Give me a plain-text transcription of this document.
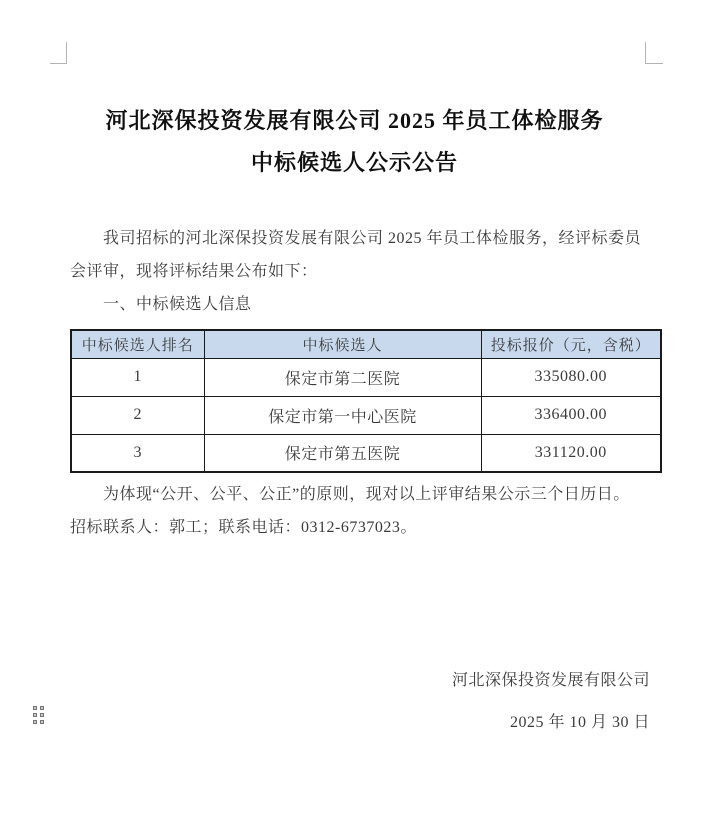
河北深保投资发展有限公司 2025 年员工体检服务
中标候选人公示公告
我司招标的河北深保投资发展有限公司 2025 年员工体检服务，经评标委员
会评审，现将评标结果公布如下：
一、中标候选人信息
中标候选人排名	中标候选人	投标报价（元，含税）
1	保定市第二医院	335080.00
2	保定市第一中心医院	336400.00
3	保定市第五医院	331120.00
为体现“公开、公平、公正”的原则，现对以上评审结果公示三个日历日。
招标联系人：郭工；联系电话：0312-6737023。
河北深保投资发展有限公司
2025 年 10 月 30 日
